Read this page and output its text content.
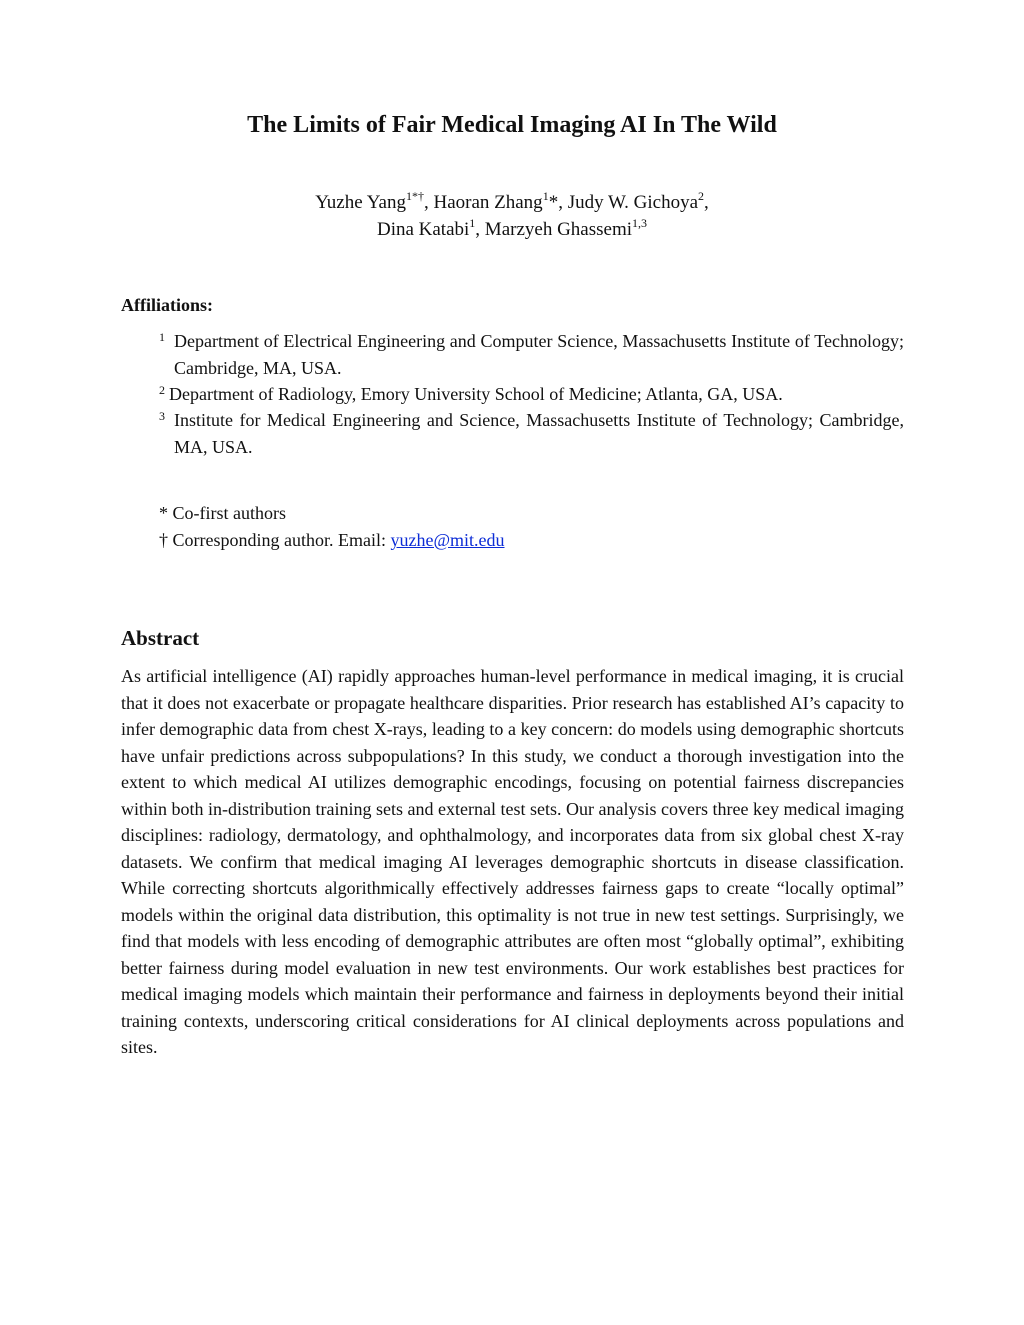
The Limits of Fair Medical Imaging AI In The Wild
Yuzhe Yang$^{1*\dagger}$, Haoran Zhang$^1$*, Judy W. Gichoya$^2$,
Dina Katabi$^1$, Marzyeh Ghassemi$^{1,3}$
Affiliations:
1 Department of Electrical Engineering and Computer Science, Massachusetts Institute of Technology; Cambridge, MA, USA.
2 Department of Radiology, Emory University School of Medicine; Atlanta, GA, USA.
3 Institute for Medical Engineering and Science, Massachusetts Institute of Technology; Cambridge, MA, USA.
* Co-first authors
† Corresponding author. Email: yuzhe@mit.edu
Abstract

As artificial intelligence (AI) rapidly approaches human-level performance in medical imaging, it is crucial that it does not exacerbate or propagate healthcare disparities. Prior research has established AI’s capacity to infer demographic data from chest X-rays, leading to a key concern: do models using demographic shortcuts have unfair predictions across subpopulations? In this study, we conduct a thorough investigation into the extent to which medical AI utilizes demographic encodings, focusing on potential fairness discrepancies within both in-distribution training sets and external test sets. Our analysis covers three key medical imaging disciplines: radiology, dermatology, and ophthalmology, and incorporates data from six global chest X-ray datasets. We confirm that medical imaging AI leverages demographic shortcuts in disease classification. While correcting shortcuts algorithmically effectively addresses fairness gaps to create “locally optimal” models within the original data distribution, this optimality is not true in new test settings. Surprisingly, we find that models with less encoding of demographic attributes are often most “globally optimal”, exhibiting better fairness during model evaluation in new test environments. Our work establishes best practices for medical imaging models which maintain their performance and fairness in deployments beyond their initial training contexts, underscoring critical considerations for AI clinical deployments across populations and sites.
